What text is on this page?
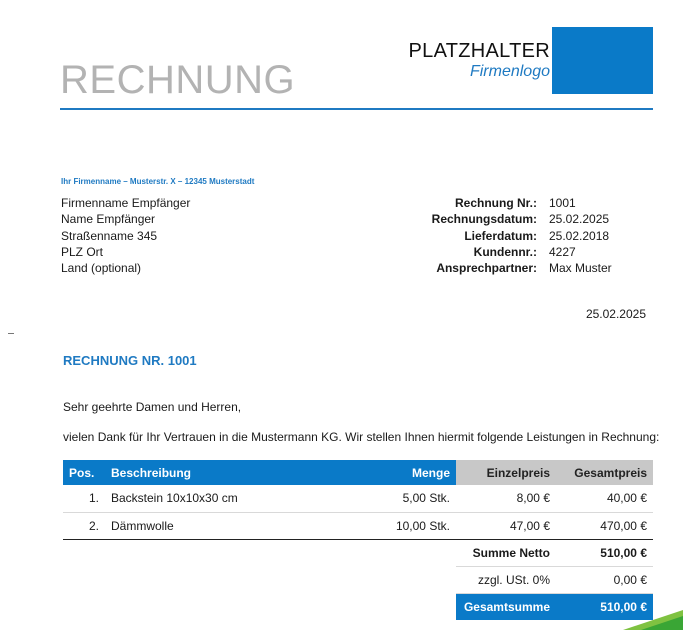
RECHNUNG
PLATZHALTER
Firmenlogo
Ihr Firmenname – Musterstr. X – 12345 Musterstadt
Firmenname Empfänger
Name Empfänger
Straßenname 345
PLZ Ort
Land (optional)
Rechnung Nr.:	1001
Rechnungsdatum:	25.02.2025
Lieferdatum:	25.02.2018
Kundennr.:	4227
Ansprechpartner:	Max Muster
25.02.2025
RECHNUNG NR. 1001
Sehr geehrte Damen und Herren,
vielen Dank für Ihr Vertrauen in die Mustermann KG. Wir stellen Ihnen hiermit folgende Leistungen in Rechnung:
Pos.	Beschreibung	Menge	Einzelpreis	Gesamtpreis
1.	Backstein 10x10x30 cm	5,00 Stk.	8,00 €	40,00 €
2.	Dämmwolle	10,00 Stk.	47,00 €	470,00 €
Summe Netto	510,00 €
zzgl. USt. 0%	0,00 €
Gesamtsumme	510,00 €
